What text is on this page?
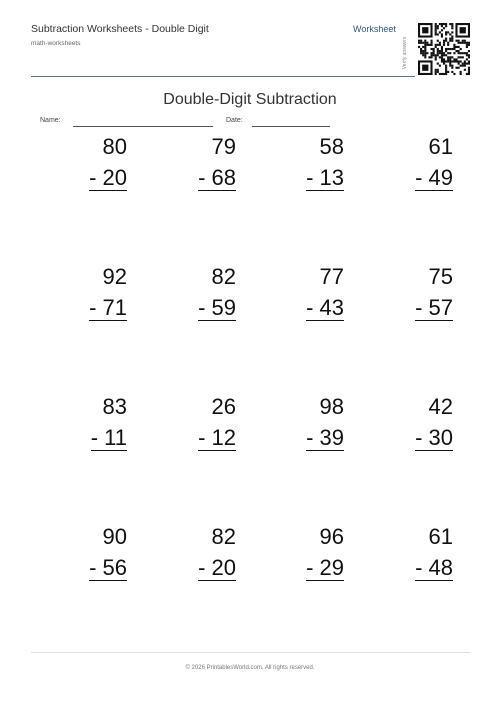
Subtraction Worksheets - Double Digit
math-worksheets
Worksheet
Verify answers
Double-Digit Subtraction
Name:	Date:
80
- 20
79
- 68
58
- 13
61
- 49
92
- 71
82
- 59
77
- 43
75
- 57
83
- 11
26
- 12
98
- 39
42
- 30
90
- 56
82
- 20
96
- 29
61
- 48
© 2026 PrintablesWorld.com. All rights reserved.
